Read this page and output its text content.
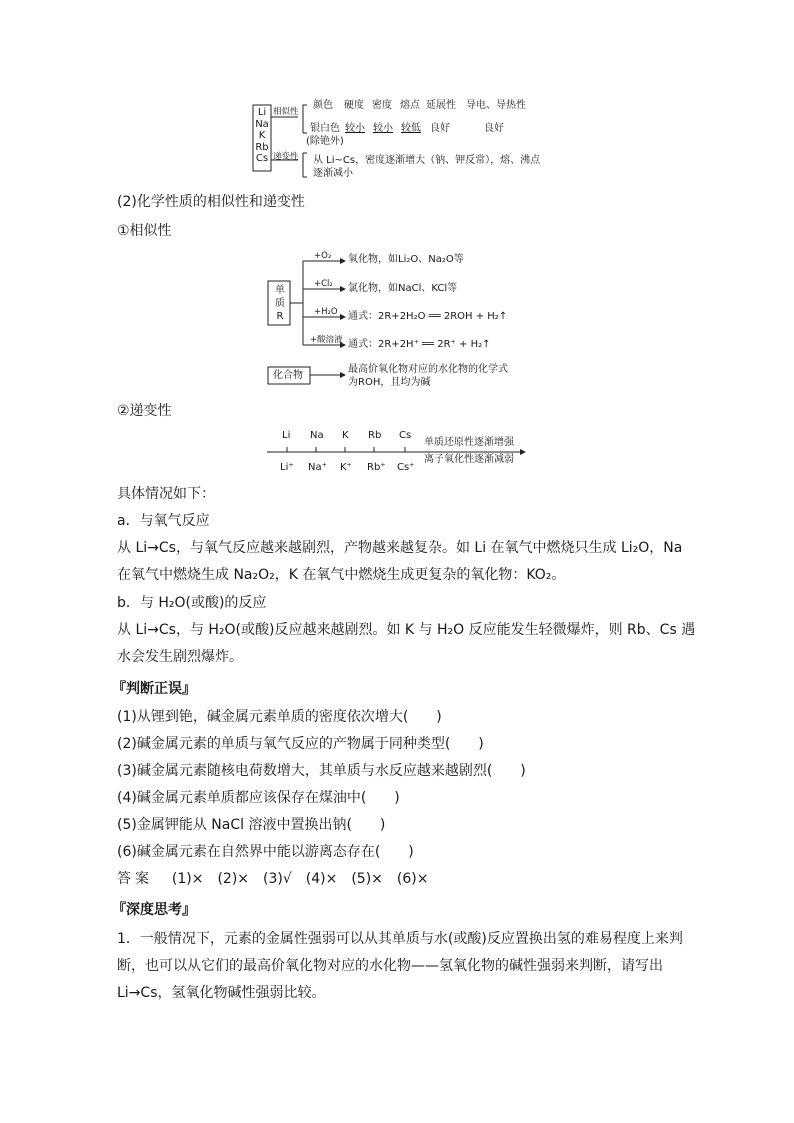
Li
Na
K
Rb
Cs
相似性
递变性
颜色 硬度 密度 熔点 延展性 导电、导热性
银白色 较小 较小 较低 良好	良好
(除铯外)
从 Li~Cs，密度逐渐增大（钠、钾反常），熔、沸点
逐渐减小
(2)化学性质的相似性和递变性
①相似性
单
质
R
+O₂ 氧化物，如Li₂O、Na₂O等
+Cl₂ 氯化物，如NaCl、KCl等
+H₂O 通式：2R+2H₂O ══ 2ROH + H₂↑
+酸溶液 通式：2R+2H⁺ ══ 2R⁺ + H₂↑
化合物
最高价氧化物对应的水化物的化学式
为ROH，且均为碱
②递变性
Li Na K Rb Cs
Li⁺ Na⁺ K⁺ Rb⁺ Cs⁺
单质还原性逐渐增强
离子氧化性逐渐减弱
具体情况如下：
a．与氧气反应
从 Li→Cs，与氧气反应越来越剧烈，产物越来越复杂。如 Li 在氧气中燃烧只生成 Li₂O，Na
在氧气中燃烧生成 Na₂O₂，K 在氧气中燃烧生成更复杂的氧化物：KO₂。
b．与 H₂O(或酸)的反应
从 Li→Cs，与 H₂O(或酸)反应越来越剧烈。如 K 与 H₂O 反应能发生轻微爆炸，则 Rb、Cs 遇
水会发生剧烈爆炸。
『 判断正误 』
(1)从锂到铯，碱金属元素单质的密度依次增大(　　)
(2)碱金属元素的单质与氧气反应的产物属于同种类型(　　)
(3)碱金属元素随核电荷数增大，其单质与水反应越来越剧烈(　　)
(4)碱金属元素单质都应该保存在煤油中(　　)
(5)金属钾能从 NaCl 溶液中置换出钠(　　)
(6)碱金属元素在自然界中能以游离态存在(　　)
答案 (1)×　(2)×　(3)√　(4)×　(5)×　(6)×
『 深度思考 』
1．一般情况下，元素的金属性强弱可以从其单质与水(或酸)反应置换出氢的难易程度上来判
断，也可以从它们的最高价氧化物对应的水化物——氢氧化物的碱性强弱来判断，请写出
Li→Cs，氢氧化物碱性强弱比较。
